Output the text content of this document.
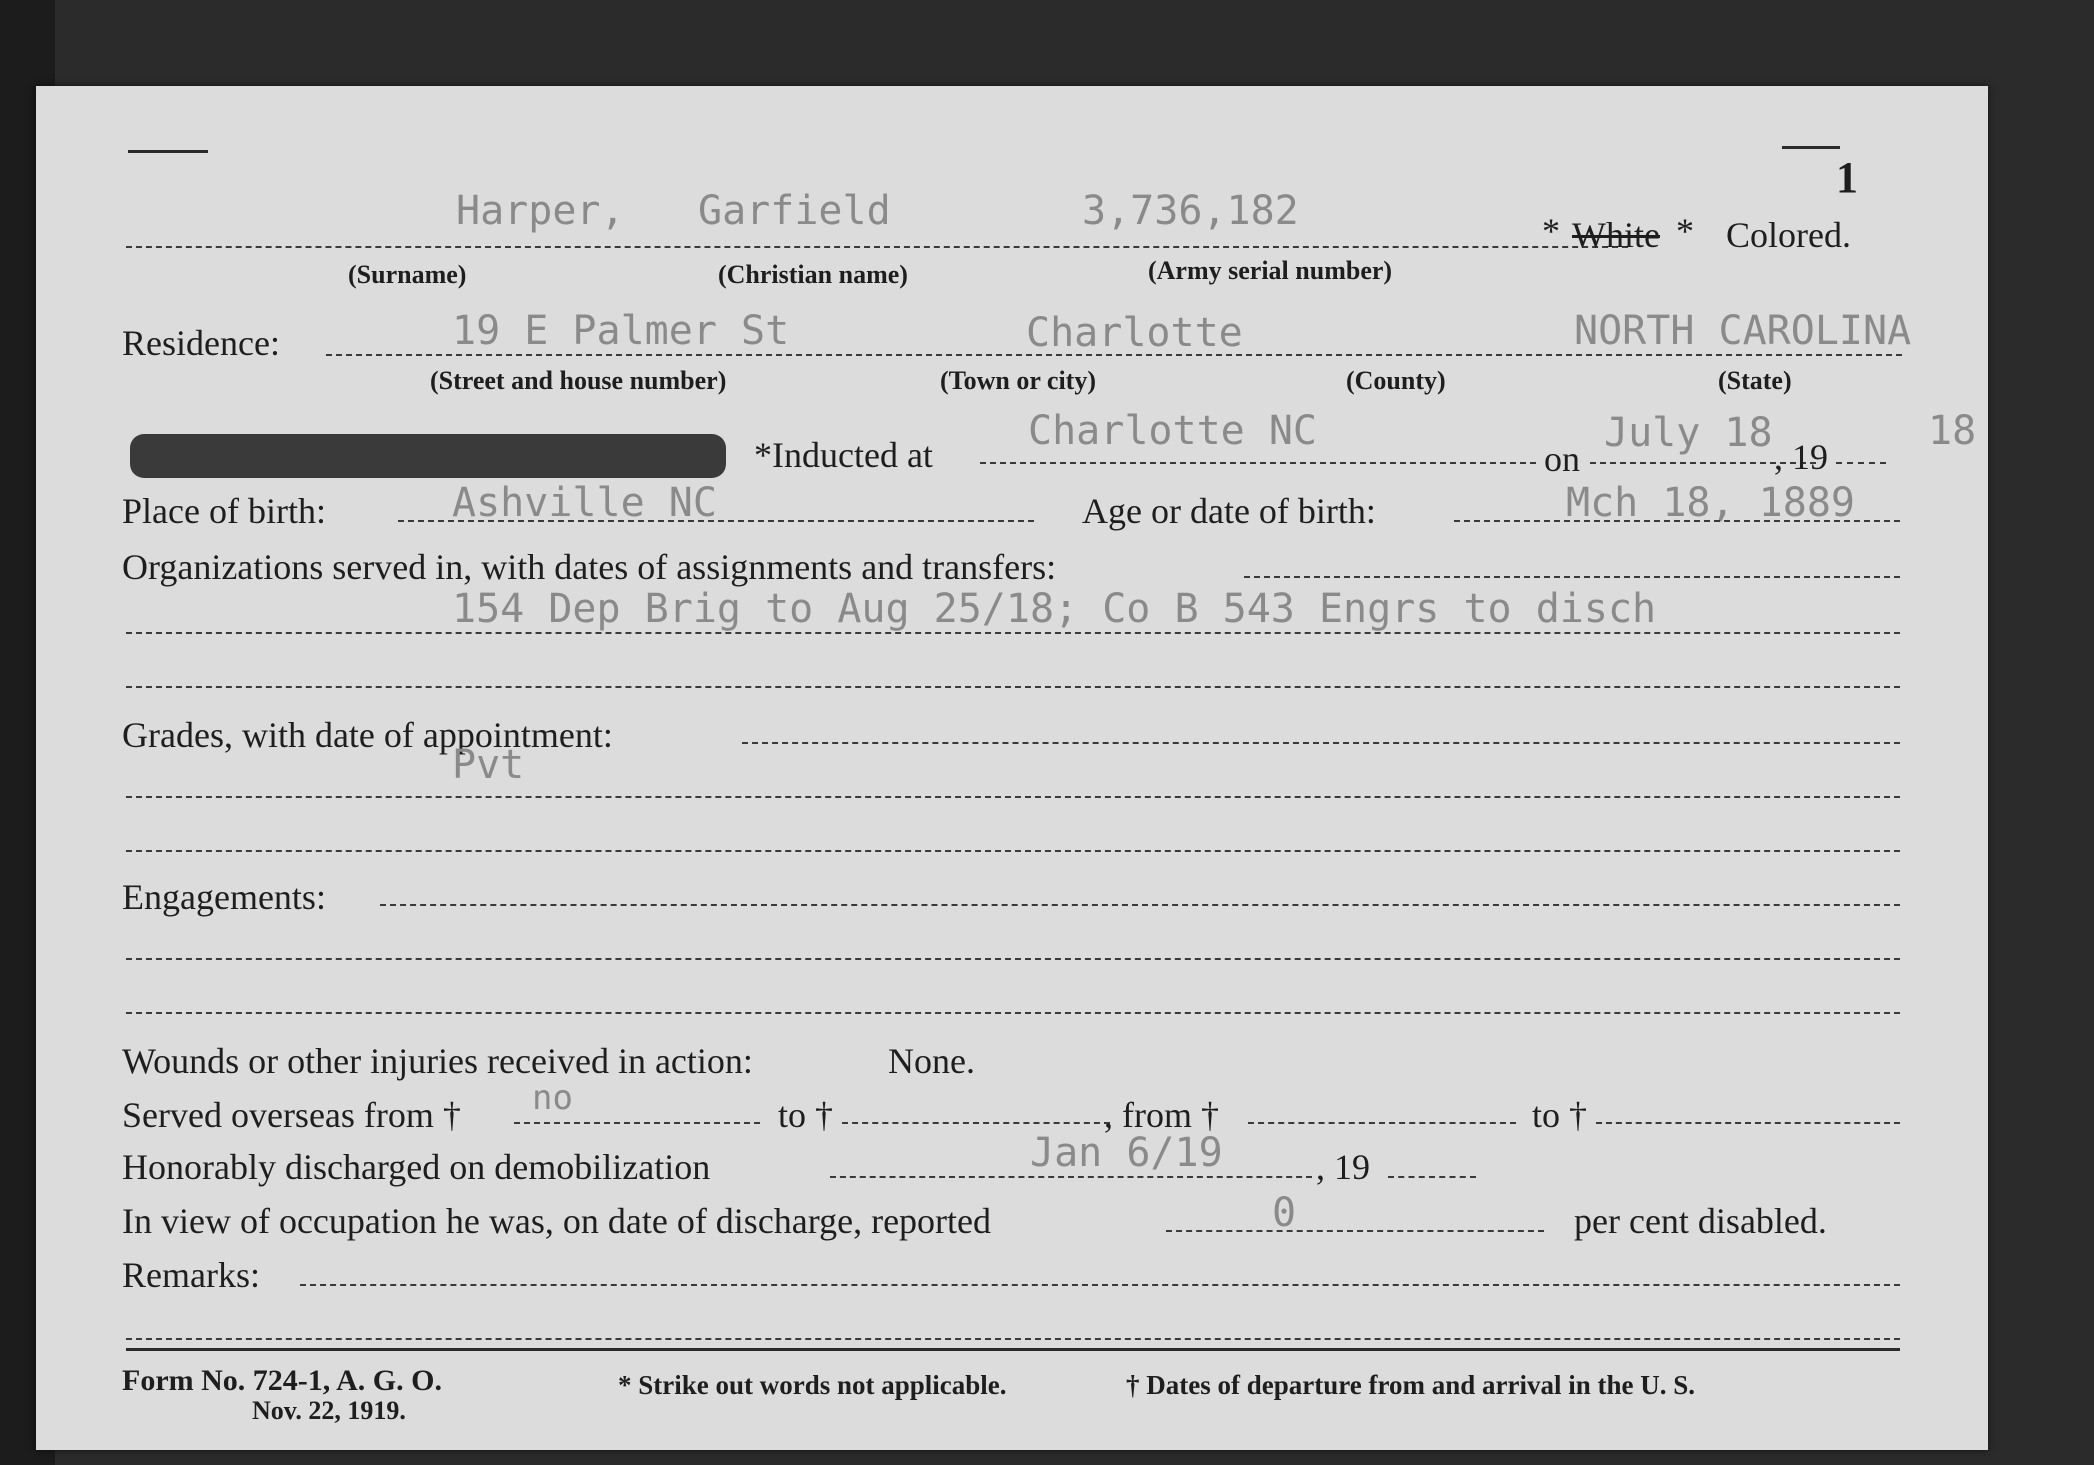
1
Harper, Garfield	3,736,182	* White * Colored.
(Surname)	(Christian name)	(Army serial number)
Residence:	19 E Palmer St	Charlotte	NORTH CAROLINA
(Street and house number)	(Town or city)	(County)	(State)
*Inducted at
Charlotte NC
on
July 18
, 19
18
Place of birth:	Ashville NC	Age or date of birth:	Mch 18, 1889
Organizations served in, with dates of assignments and transfers:
154 Dep Brig to Aug 25/18; Co B 543 Engrs to disch
Grades, with date of appointment:
Pvt
Engagements:
Wounds or other injuries received in action:	None.
Served overseas from † no	to †	, from †	to †
Honorably discharged on demobilization	Jan 6/19	, 19
In view of occupation he was, on date of discharge, reported	0	per cent disabled.
Remarks:
Form No. 724-1, A. G. O.
Nov. 22, 1919.
* Strike out words not applicable.	† Dates of departure from and arrival in the U. S.
